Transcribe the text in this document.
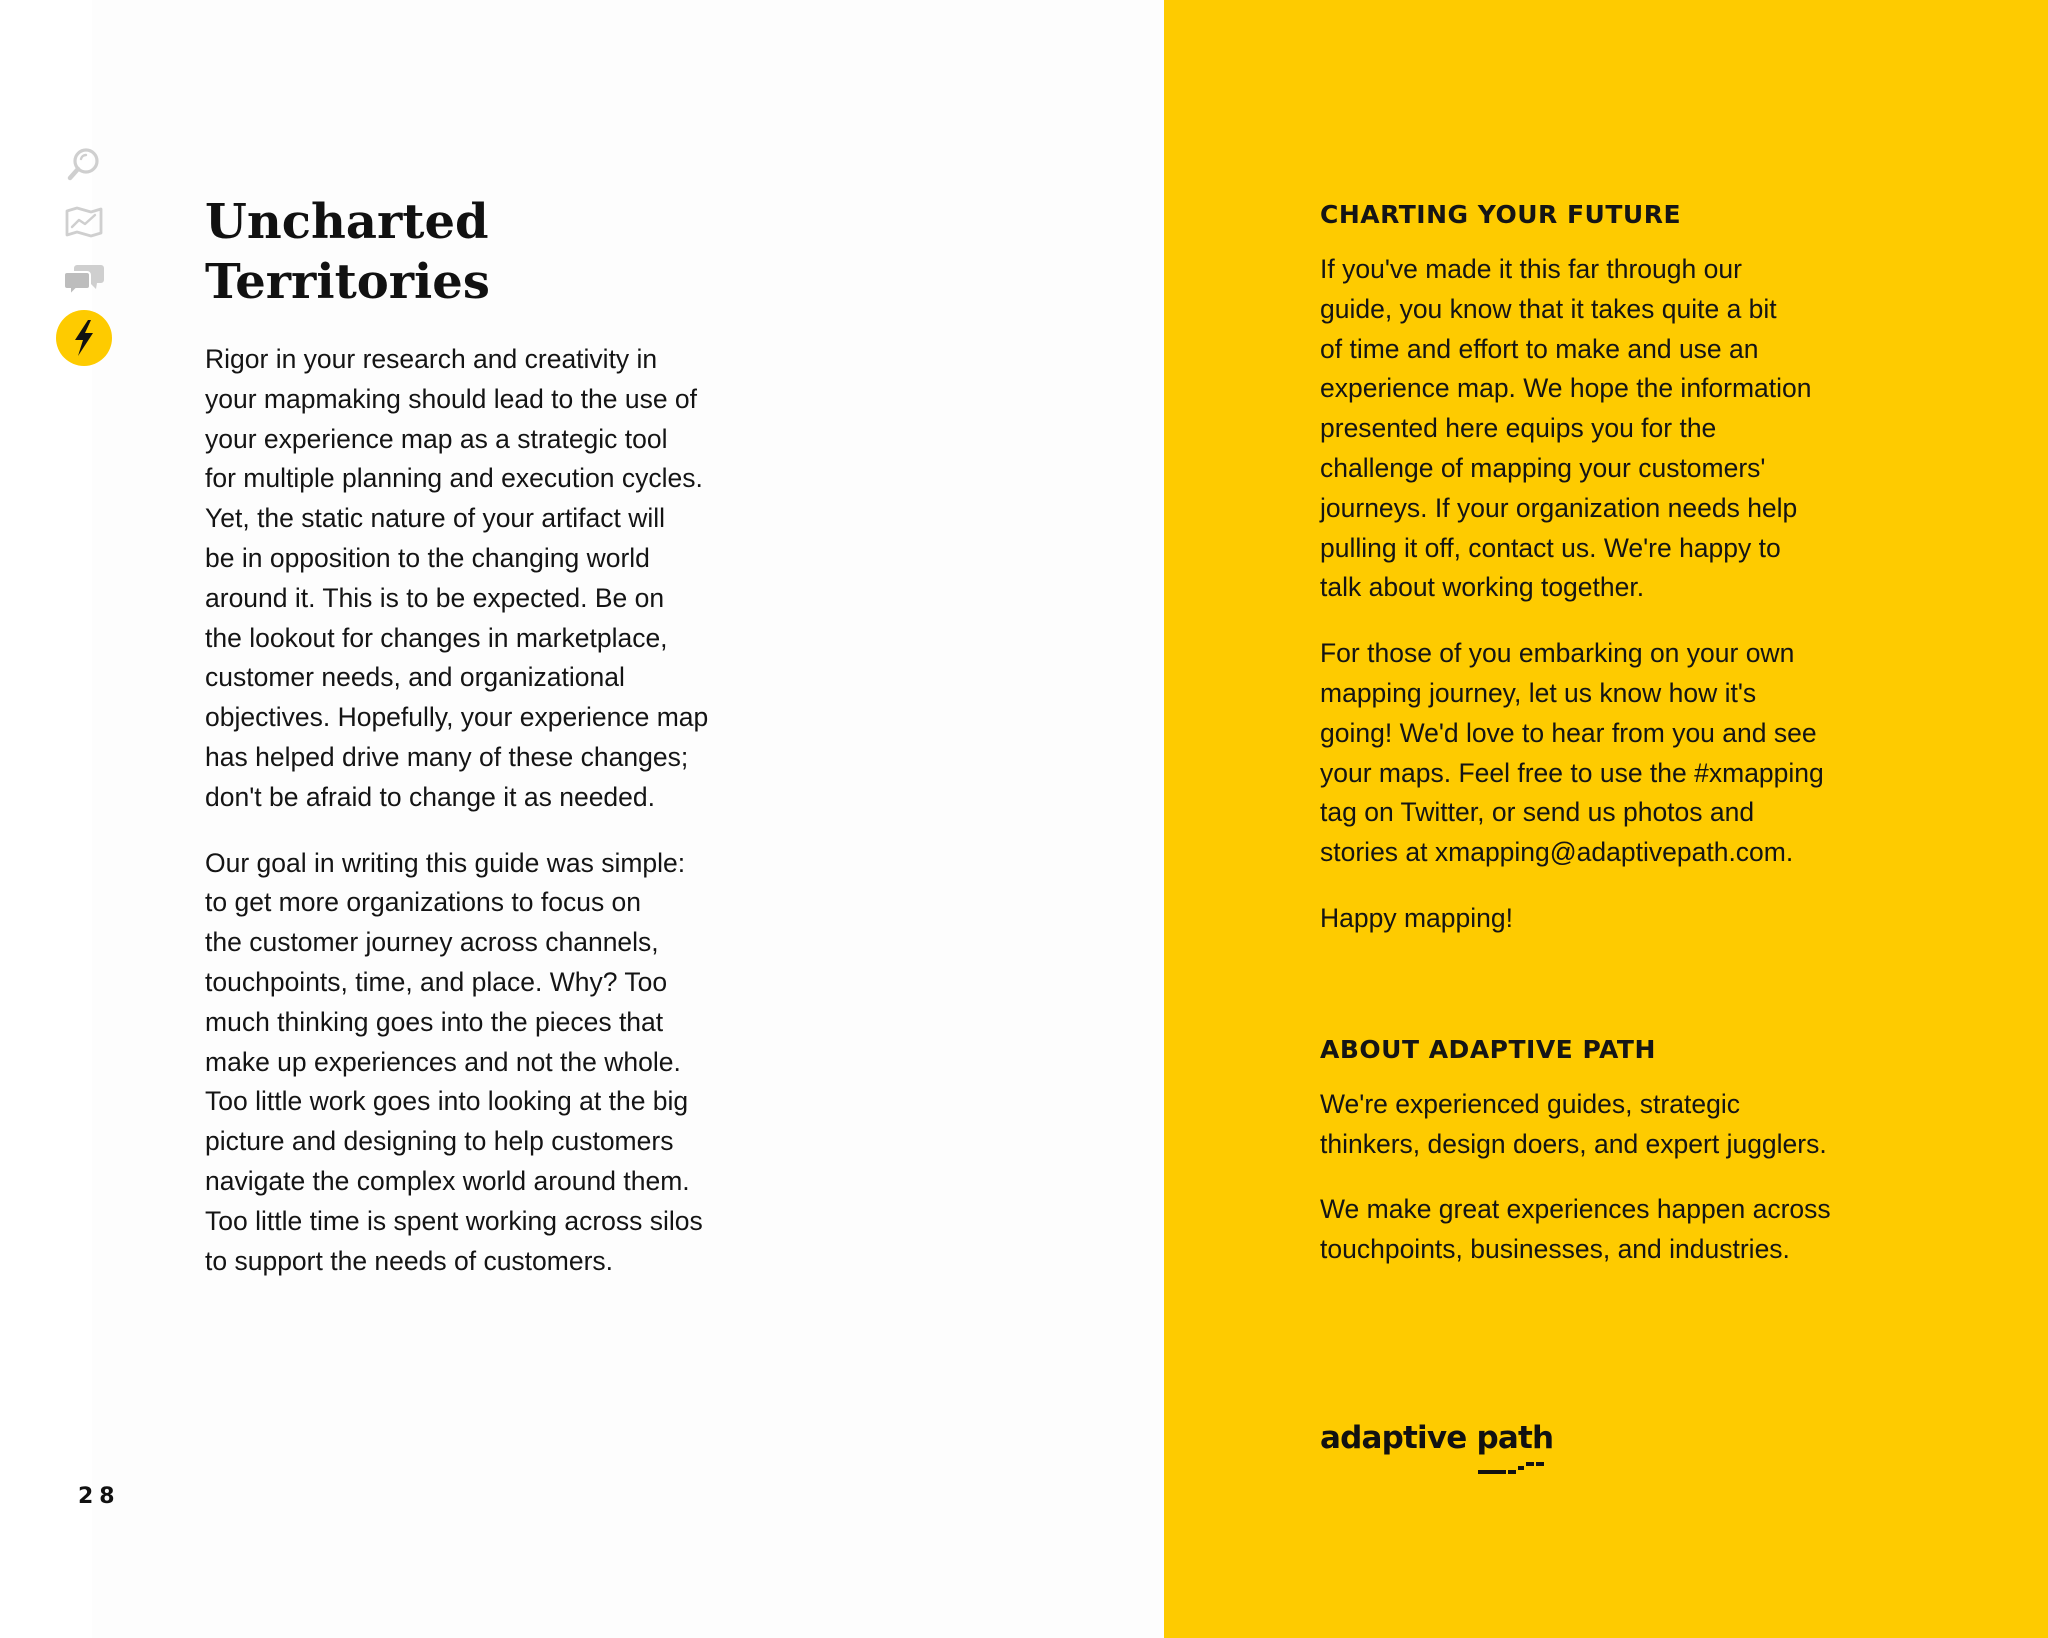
28
Uncharted
Territories

Rigor in your research and creativity in
your mapmaking should lead to the use of
your experience map as a strategic tool
for multiple planning and execution cycles.
Yet, the static nature of your artifact will
be in opposition to the changing world
around it. This is to be expected. Be on
the lookout for changes in marketplace,
customer needs, and organizational
objectives. Hopefully, your experience map
has helped drive many of these changes;
don't be afraid to change it as needed.

Our goal in writing this guide was simple:
to get more organizations to focus on
the customer journey across channels,
touchpoints, time, and place. Why? Too
much thinking goes into the pieces that
make up experiences and not the whole.
Too little work goes into looking at the big
picture and designing to help customers
navigate the complex world around them.
Too little time is spent working across silos
to support the needs of customers.

CHARTING YOUR FUTURE

If you've made it this far through our
guide, you know that it takes quite a bit
of time and effort to make and use an
experience map. We hope the information
presented here equips you for the
challenge of mapping your customers'
journeys. If your organization needs help
pulling it off, contact us. We're happy to
talk about working together.

For those of you embarking on your own
mapping journey, let us know how it's
going! We'd love to hear from you and see
your maps. Feel free to use the #xmapping
tag on Twitter, or send us photos and
stories at xmapping@adaptivepath.com.

Happy mapping!

ABOUT ADAPTIVE PATH

We're experienced guides, strategic
thinkers, design doers, and expert jugglers.

We make great experiences happen across
touchpoints, businesses, and industries.

adaptive path
